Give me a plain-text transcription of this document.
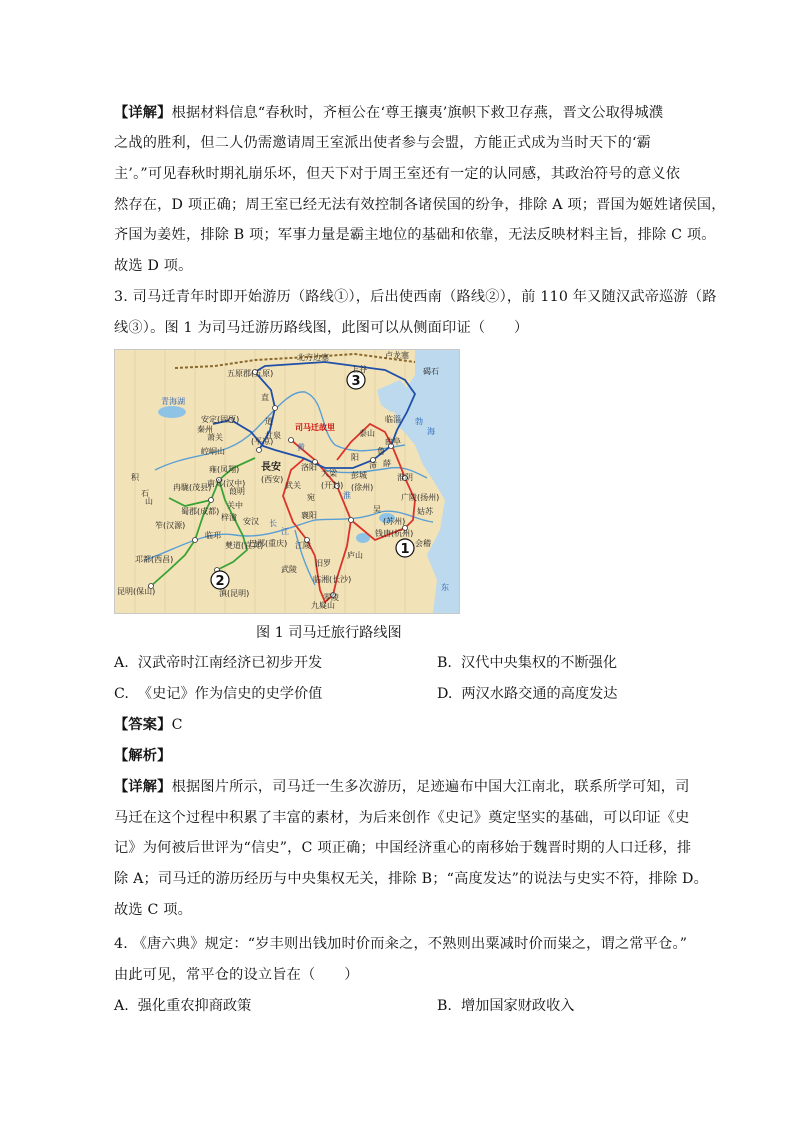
【详解】根据材料信息“春秋时，齐桓公在‘尊王攘夷’旗帜下救卫存燕，晋文公取得城濮
之战的胜利，但二人仍需邀请周王室派出使者参与会盟，方能正式成为当时天下的‘霸
主’。”可见春秋时期礼崩乐坏，但天下对于周王室还有一定的认同感，其政治符号的意义依
然存在，D 项正确；周王室已经无法有效控制各诸侯国的纷争，排除 A 项；晋国为姬姓诸侯国，
齐国为姜姓，排除 B 项；军事力量是霸主地位的基础和依靠，无法反映材料主旨，排除 C 项。
故选 D 项。
3. 司马迁青年时即开始游历（路线①），后出使西南（路线②），前 110 年又随汉武帝巡游（路
线③）。图 1 为司马迁游历路线图，此图可以从侧面印证（　　）
3
1
2
北方边塞
五原郡(五原)
直
道
安定(固原)
萧关
崆峒山
雍(凤翔)
南郑(汉中)
甘泉
司马迁故里
(平凉)
長安
(西安)
洛阳
大梁
(开封)
武关
宛
襄阳
江陵
泰山
鲁
曲阜
薛
沛
彭城
(徐州)
淮阴
广陵(扬州)
吴
(苏州)
会稽
姑苏
钱唐(杭州)
庐山
汨罗
临湘(长沙)
九嶷山
零陵
武陵
巴郡(重庆)
僰道(宜宾)
临邛
蜀郡(成都)
冉駹(茂县) 葭明
关中
梓潼 安汉
笮(汉源)
邛都(西昌)
滇(昆明)
昆明(保山)
碣石
勃
海
东
临淄
淮
黄
长
江
阳
石
积
山
卢龙塞
上谷
秦州
青海湖
图 1 司马迁旅行路线图
A. 汉武帝时江南经济已初步开发	B. 汉代中央集权的不断强化
C. 《史记》作为信史的史学价值	D. 两汉水路交通的高度发达
【答案】C
【解析】
【详解】根据图片所示，司马迁一生多次游历，足迹遍布中国大江南北，联系所学可知，司
马迁在这个过程中积累了丰富的素材，为后来创作《史记》奠定坚实的基础，可以印证《史
记》为何被后世评为“信史”，C 项正确；中国经济重心的南移始于魏晋时期的人口迁移，排
除 A；司马迁的游历经历与中央集权无关，排除 B；“高度发达”的说法与史实不符，排除 D。
故选 C 项。
4. 《唐六典》规定：“岁丰则出钱加时价而籴之，不熟则出粟减时价而粜之，谓之常平仓。”
由此可见，常平仓的设立旨在（　　）
A. 强化重农抑商政策	B. 增加国家财政收入
